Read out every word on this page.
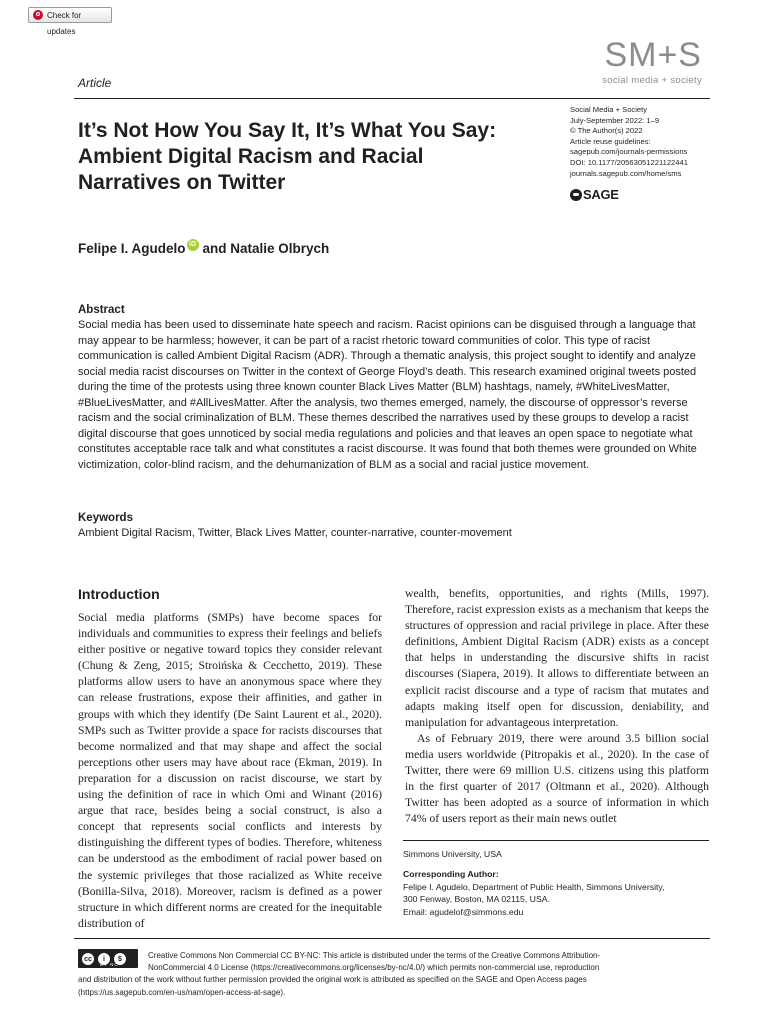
Check for updates
Article
SM+S
social media + society
It’s Not How You Say It, It’s What You Say: Ambient Digital Racism and Racial Narratives on Twitter
Social Media + Society
July-September 2022: 1–9
© The Author(s) 2022
Article reuse guidelines:
sagepub.com/journals-permissions
DOI: 10.1177/20563051221122441
journals.sagepub.com/home/sms
SAGE
Felipe I. Agudelo iD and Natalie Olbrych
Abstract

Social media has been used to disseminate hate speech and racism. Racist opinions can be disguised through a language that may appear to be harmless; however, it can be part of a racist rhetoric toward communities of color. This type of racist communication is called Ambient Digital Racism (ADR). Through a thematic analysis, this project sought to identify and analyze social media racist discourses on Twitter in the context of George Floyd’s death. This research examined original tweets posted during the time of the protests using three known counter Black Lives Matter (BLM) hashtags, namely, #WhiteLivesMatter, #BlueLivesMatter, and #AllLivesMatter. After the analysis, two themes emerged, namely, the discourse of oppressor’s reverse racism and the social criminalization of BLM. These themes described the narratives used by these groups to develop a racist digital discourse that goes unnoticed by social media regulations and policies and that leaves an open space to negotiate what constitutes acceptable race talk and what constitutes a racist discourse. It was found that both themes were grounded on White victimization, color-blind racism, and the dehumanization of BLM as a social and racial justice movement.

Keywords
Ambient Digital Racism, Twitter, Black Lives Matter, counter-narrative, counter-movement
Introduction

Social media platforms (SMPs) have become spaces for individuals and communities to express their feelings and beliefs either positive or negative toward topics they consider relevant (Chung & Zeng, 2015; Stroińska & Cecchetto, 2019). These platforms allow users to have an anonymous space where they can release frustrations, expose their affinities, and gather in groups with which they identify (De Saint Laurent et al., 2020). SMPs such as Twitter provide a space for racists discourses that become normalized and that may shape and affect the social perceptions other users may have about race (Ekman, 2019). In preparation for a discussion on racist discourse, we start by using the definition of race in which Omi and Winant (2016) argue that race, besides being a social construct, is also a concept that represents social conflicts and interests by distinguishing the different types of bodies. Therefore, whiteness can be understood as the embodiment of racial power based on the systemic privileges that those racialized as White receive (Bonilla-Silva, 2018). Moreover, racism is defined as a power structure in which different norms are created for the inequitable distribution of

wealth, benefits, opportunities, and rights (Mills, 1997). Therefore, racist expression exists as a mechanism that keeps the structures of oppression and racial privilege in place. After these definitions, Ambient Digital Racism (ADR) exists as a concept that helps in understanding the discursive shifts in racist discourses (Siapera, 2019). It allows to differentiate between an explicit racist discourse and a type of racism that mutates and adapts making itself open for discussion, deniability, and manipulation for advantageous interpretation.

As of February 2019, there were around 3.5 billion social media users worldwide (Pitropakis et al., 2020). In the case of Twitter, there were 69 million U.S. citizens using this platform in the first quarter of 2017 (Oltmann et al., 2020). Although Twitter has been adopted as a source of information in which 74% of users report as their main news outlet

Simmons University, USA
Corresponding Author:
Felipe I. Agudelo, Department of Public Health, Simmons University,
300 Fenway, Boston, MA 02115, USA.
Email: agudelof@simmons.edu
cc	i	$
BY NC
Creative Commons Non Commercial CC BY-NC: This article is distributed under the terms of the Creative Commons Attribution-
NonCommercial 4.0 License (https://creativecommons.org/licenses/by-nc/4.0/) which permits non-commercial use, reproduction
and distribution of the work without further permission provided the original work is attributed as specified on the SAGE and Open Access pages
(https://us.sagepub.com/en-us/nam/open-access-at-sage).
